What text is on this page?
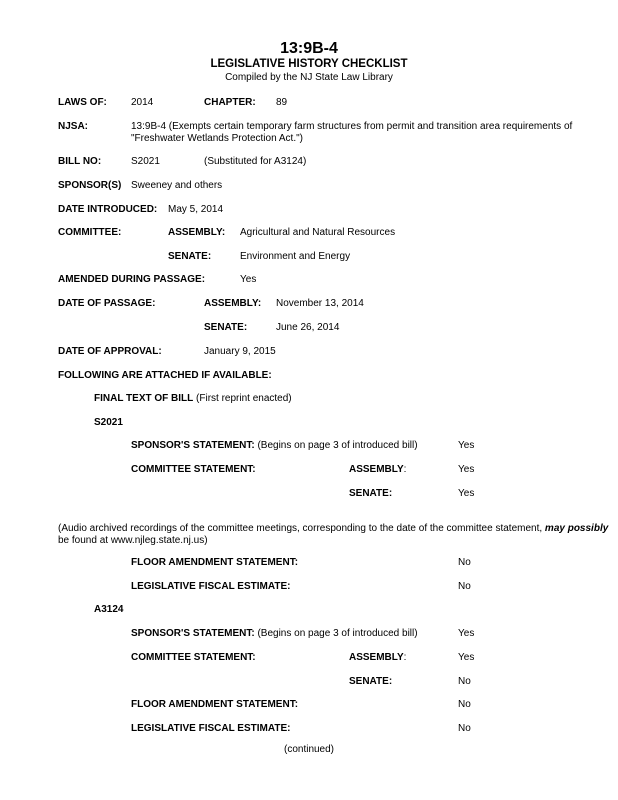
13:9B-4
LEGISLATIVE HISTORY CHECKLIST
Compiled by the NJ State Law Library
LAWS OF: 2014	CHAPTER: 89
NJSA:	13:9B-4 (Exempts certain temporary farm structures from permit and transition area requirements of
"Freshwater Wetlands Protection Act.")
BILL NO:	S2021	(Substituted for A3124)
SPONSOR(S) Sweeney and others
DATE INTRODUCED: May 5, 2014
COMMITTEE:	ASSEMBLY: Agricultural and Natural Resources
SENATE:	Environment and Energy
AMENDED DURING PASSAGE:	Yes
DATE OF PASSAGE:	ASSEMBLY: November 13, 2014
SENATE:	June 26, 2014
DATE OF APPROVAL:	January 9, 2015
FOLLOWING ARE ATTACHED IF AVAILABLE:
FINAL TEXT OF BILL (First reprint enacted)
S2021
SPONSOR'S STATEMENT: (Begins on page 3 of introduced bill)	Yes
COMMITTEE STATEMENT:	ASSEMBLY:	Yes
SENATE:	Yes
(Audio archived recordings of the committee meetings, corresponding to the date of the committee statement, may possibly
be found at www.njleg.state.nj.us)
FLOOR AMENDMENT STATEMENT:	No
LEGISLATIVE FISCAL ESTIMATE:	No
A3124
SPONSOR'S STATEMENT: (Begins on page 3 of introduced bill)	Yes
COMMITTEE STATEMENT:	ASSEMBLY:	Yes
SENATE:	No
FLOOR AMENDMENT STATEMENT:	No
LEGISLATIVE FISCAL ESTIMATE:	No
(continued)
